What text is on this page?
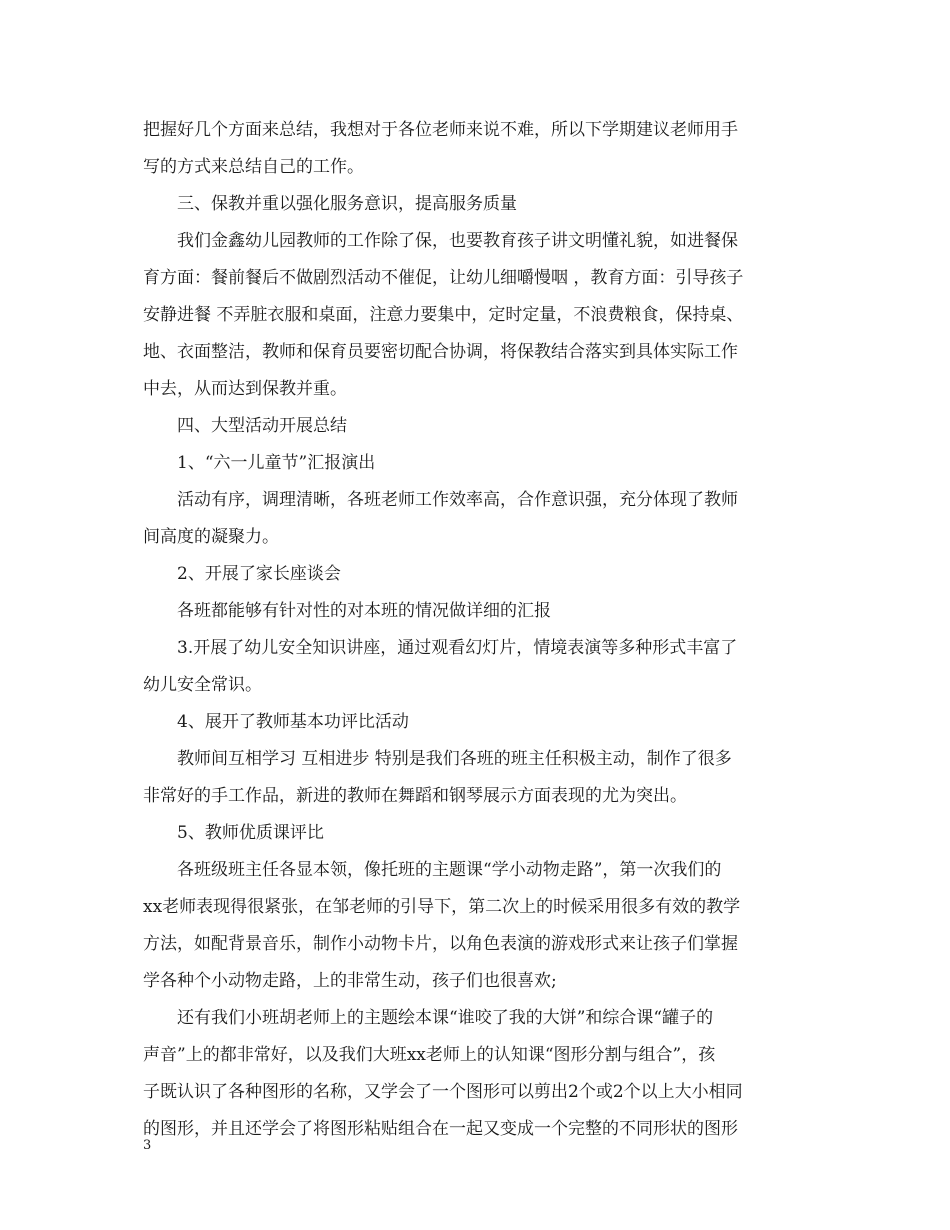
把握好几个方面来总结，我想对于各位老师来说不难，所以下学期建议老师用手
写的方式来总结自己的工作。
三、保教并重以强化服务意识，提高服务质量
我们金鑫幼儿园教师的工作除了保，也要教育孩子讲文明懂礼貌，如进餐保
育方面：餐前餐后不做剧烈活动不催促，让幼儿细嚼慢咽 ，教育方面：引导孩子
安静进餐 不弄脏衣服和桌面，注意力要集中，定时定量，不浪费粮食，保持桌、
地、衣面整洁，教师和保育员要密切配合协调，将保教结合落实到具体实际工作
中去，从而达到保教并重。
四、大型活动开展总结
1、“六一儿童节”汇报演出
活动有序，调理清晰，各班老师工作效率高，合作意识强，充分体现了教师
间高度的凝聚力。
2、开展了家长座谈会
各班都能够有针对性的对本班的情况做详细的汇报
3.开展了幼儿安全知识讲座，通过观看幻灯片，情境表演等多种形式丰富了
幼儿安全常识。
4、展开了教师基本功评比活动
教师间互相学习 互相进步 特别是我们各班的班主任积极主动，制作了很多
非常好的手工作品，新进的教师在舞蹈和钢琴展示方面表现的尤为突出。
5、教师优质课评比
各班级班主任各显本领，像托班的主题课“学小动物走路”，第一次我们的
xx老师表现得很紧张，在邹老师的引导下，第二次上的时候采用很多有效的教学
方法，如配背景音乐，制作小动物卡片，以角色表演的游戏形式来让孩子们掌握
学各种个小动物走路，上的非常生动，孩子们也很喜欢;
还有我们小班胡老师上的主题绘本课“谁咬了我的大饼”和综合课“罐子的
声音”上的都非常好，以及我们大班xx老师上的认知课“图形分割与组合”，孩
子既认识了各种图形的名称，又学会了一个图形可以剪出2个或2个以上大小相同
的图形，并且还学会了将图形粘贴组合在一起又变成一个完整的不同形状的图形
3
